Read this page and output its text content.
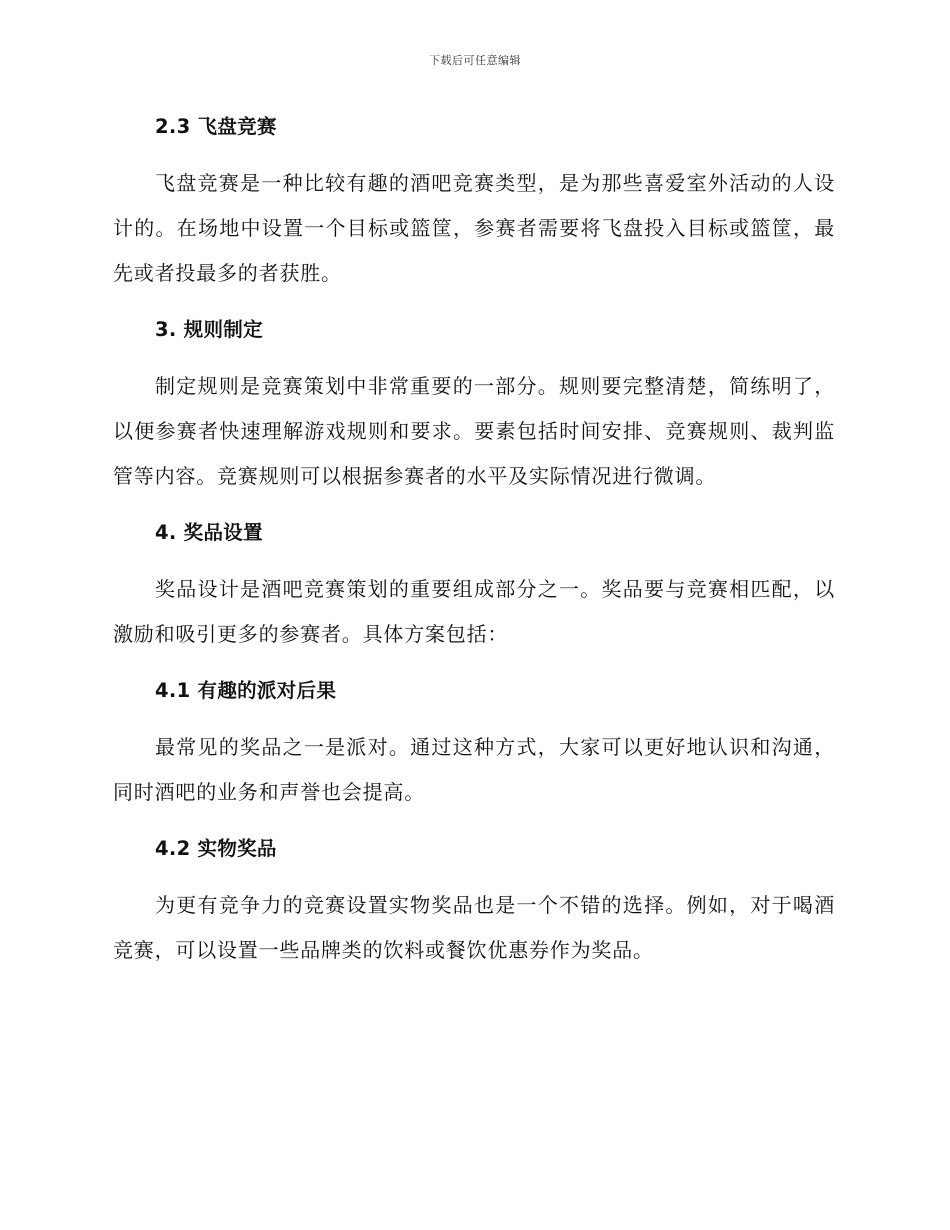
下载后可任意编辑
2.3 飞盘竞赛

飞盘竞赛是一种比较有趣的酒吧竞赛类型，是为那些喜爱室外活动的人设计的。在场地中设置一个目标或篮筐，参赛者需要将飞盘投入目标或篮筐，最先或者投最多的者获胜。

3. 规则制定

制定规则是竞赛策划中非常重要的一部分。规则要完整清楚，简练明了，以便参赛者快速理解游戏规则和要求。要素包括时间安排、竞赛规则、裁判监管等内容。竞赛规则可以根据参赛者的水平及实际情况进行微调。

4. 奖品设置

奖品设计是酒吧竞赛策划的重要组成部分之一。奖品要与竞赛相匹配，以激励和吸引更多的参赛者。具体方案包括：

4.1 有趣的派对后果

最常见的奖品之一是派对。通过这种方式，大家可以更好地认识和沟通，同时酒吧的业务和声誉也会提高。

4.2 实物奖品

为更有竞争力的竞赛设置实物奖品也是一个不错的选择。例如，对于喝酒竞赛，可以设置一些品牌类的饮料或餐饮优惠券作为奖品。
